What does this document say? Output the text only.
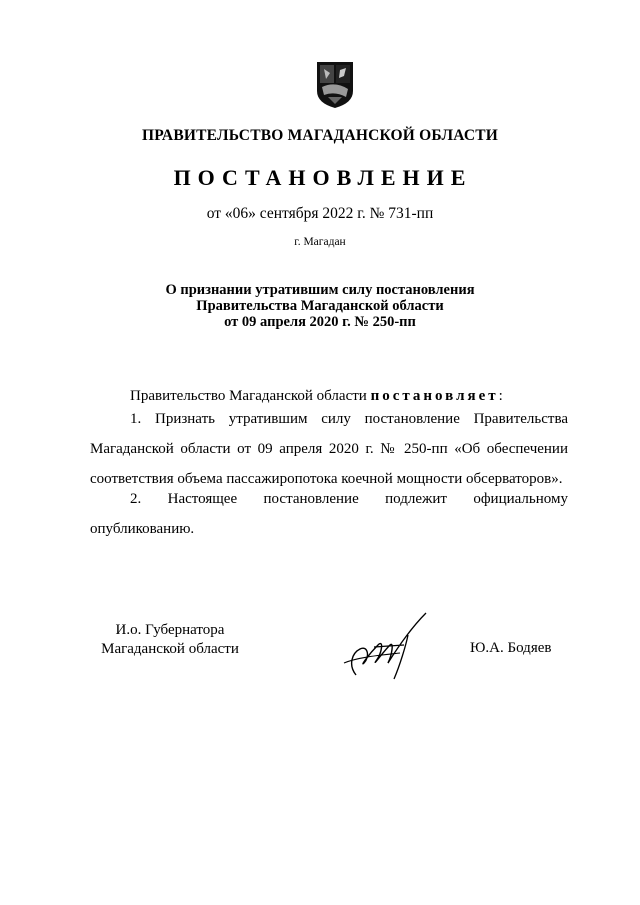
ПРАВИТЕЛЬСТВО МАГАДАНСКОЙ ОБЛАСТИ
ПОСТАНОВЛЕНИЕ
от «06» сентября 2022 г. № 731-пп
г. Магадан
О признании утратившим силу постановления
Правительства Магаданской области
от 09 апреля 2020 г. № 250-пп
Правительство Магаданской области постановляет:
1. Признать утратившим силу постановление Правительства Магаданской области от 09 апреля 2020 г. № 250-пп «Об обеспечении соответствия объема пассажиропотока коечной мощности обсерваторов».
2. Настоящее постановление подлежит официальному опубликованию.
И.о. Губернатора
Магаданской области	Ю.А. Бодяев
